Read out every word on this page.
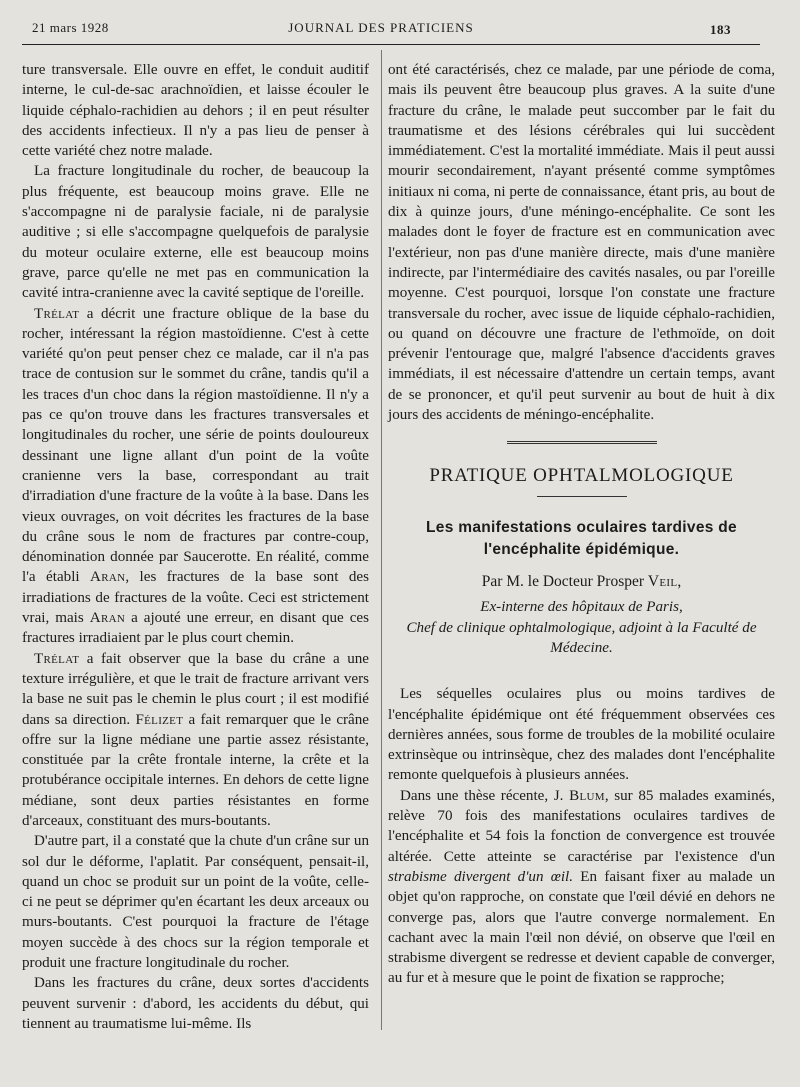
21 mars 1928	JOURNAL DES PRATICIENS	183

ture transversale. Elle ouvre en effet, le conduit auditif interne, le cul-de-sac arachnoïdien, et laisse écouler le liquide céphalo-rachidien au dehors ; il en peut résulter des accidents infectieux. Il n'y a pas lieu de penser à cette variété chez notre malade.

La fracture longitudinale du rocher, de beaucoup la plus fréquente, est beaucoup moins grave. Elle ne s'accompagne ni de paralysie faciale, ni de paralysie auditive ; si elle s'accompagne quelquefois de paralysie du moteur oculaire externe, elle est beaucoup moins grave, parce qu'elle ne met pas en communication la cavité intra-cranienne avec la cavité septique de l'oreille.

Trélat a décrit une fracture oblique de la base du rocher, intéressant la région mastoïdienne. C'est à cette variété qu'on peut penser chez ce malade, car il n'a pas trace de contusion sur le sommet du crâne, tandis qu'il a les traces d'un choc dans la région mastoïdienne. Il n'y a pas ce qu'on trouve dans les fractures transversales et longitudinales du rocher, une série de points douloureux dessinant une ligne allant d'un point de la voûte cranienne vers la base, correspondant au trait d'irradiation d'une fracture de la voûte à la base. Dans les vieux ouvrages, on voit décrites les fractures de la base du crâne sous le nom de fractures par contre-coup, dénomination donnée par Saucerotte. En réalité, comme l'a établi Aran, les fractures de la base sont des irradiations de fractures de la voûte. Ceci est strictement vrai, mais Aran a ajouté une erreur, en disant que ces fractures irradiaient par le plus court chemin.

Trélat a fait observer que la base du crâne a une texture irrégulière, et que le trait de fracture arrivant vers la base ne suit pas le chemin le plus court ; il est modifié dans sa direction. Félizet a fait remarquer que le crâne offre sur la ligne médiane une partie assez résistante, constituée par la crête frontale interne, la crête et la protubérance occipitale internes. En dehors de cette ligne médiane, sont deux parties résistantes en forme d'arceaux, constituant des murs-boutants.

D'autre part, il a constaté que la chute d'un crâne sur un sol dur le déforme, l'aplatit. Par conséquent, pensait-il, quand un choc se produit sur un point de la voûte, celle-ci ne peut se déprimer qu'en écartant les deux arceaux ou murs-boutants. C'est pourquoi la fracture de l'étage moyen succède à des chocs sur la région temporale et produit une fracture longitudinale du rocher.

Dans les fractures du crâne, deux sortes d'accidents peuvent survenir : d'abord, les accidents du début, qui tiennent au traumatisme lui-même. Ils

ont été caractérisés, chez ce malade, par une période de coma, mais ils peuvent être beaucoup plus graves. A la suite d'une fracture du crâne, le malade peut succomber par le fait du traumatisme et des lésions cérébrales qui lui succèdent immédiatement. C'est la mortalité immédiate. Mais il peut aussi mourir secondairement, n'ayant présenté comme symptômes initiaux ni coma, ni perte de connaissance, étant pris, au bout de dix à quinze jours, d'une méningo-encéphalite. Ce sont les malades dont le foyer de fracture est en communication avec l'extérieur, non pas d'une manière directe, mais d'une manière indirecte, par l'intermédiaire des cavités nasales, ou par l'oreille moyenne. C'est pourquoi, lorsque l'on constate une fracture transversale du rocher, avec issue de liquide céphalo-rachidien, ou quand on découvre une fracture de l'ethmoïde, on doit prévenir l'entourage que, malgré l'absence d'accidents graves immédiats, il est nécessaire d'attendre un certain temps, avant de se prononcer, et qu'il peut survenir au bout de huit à dix jours des accidents de méningo-encéphalite.

PRATIQUE OPHTALMOLOGIQUE
Les manifestations oculaires tardives de
l'encéphalite épidémique.
Par M. le Docteur Prosper Veil,
Ex-interne des hôpitaux de Paris,
Chef de clinique ophtalmologique, adjoint à la Faculté de Médecine.

Les séquelles oculaires plus ou moins tardives de l'encéphalite épidémique ont été fréquemment observées ces dernières années, sous forme de troubles de la mobilité oculaire extrinsèque ou intrinsèque, chez des malades dont l'encéphalite remonte quelquefois à plusieurs années.

Dans une thèse récente, J. Blum, sur 85 malades examinés, relève 70 fois des manifestations oculaires tardives de l'encéphalite et 54 fois la fonction de convergence est trouvée altérée. Cette atteinte se caractérise par l'existence d'un strabisme divergent d'un œil. En faisant fixer au malade un objet qu'on rapproche, on constate que l'œil dévié en dehors ne converge pas, alors que l'autre converge normalement. En cachant avec la main l'œil non dévié, on observe que l'œil en strabisme divergent se redresse et devient capable de converger, au fur et à mesure que le point de fixation se rapproche;
